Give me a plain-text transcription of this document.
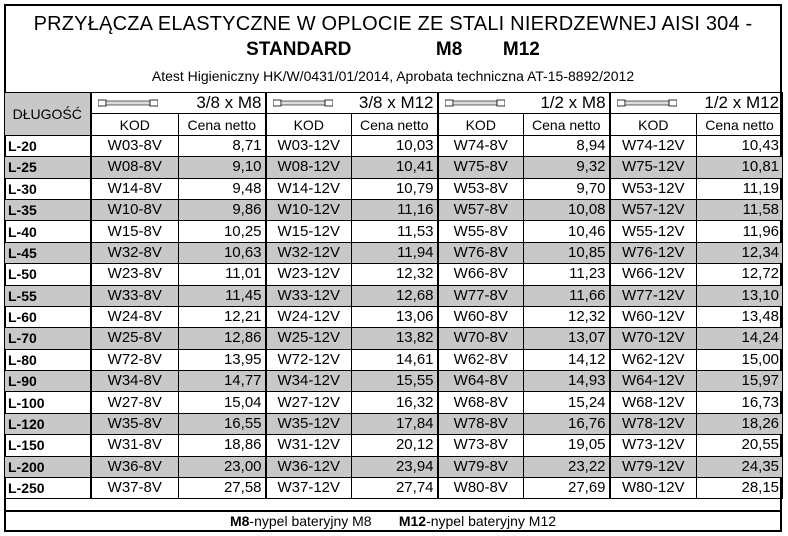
PRZYŁĄCZA ELASTYCZNE W OPLOCIE ZE STALI NIERDZEWNEJ AISI 304 -
STANDARD	M8 M12
Atest Higieniczny HK/W/0431/01/2014, Aprobata techniczna AT-15-8892/2012
DŁUGOŚĆ	3/8 x M8		3/8 x M12		1/2 x M8		1/2 x M12	
	KOD	Cena netto	KOD	Cena netto	KOD	Cena netto	KOD	Cena netto
L-20	W03-8V	8,71	W03-12V	10,03	W74-8V	8,94	W74-12V	10,43
L-25	W08-8V	9,10	W08-12V	10,41	W75-8V	9,32	W75-12V	10,81
L-30	W14-8V	9,48	W14-12V	10,79	W53-8V	9,70	W53-12V	11,19
L-35	W10-8V	9,86	W10-12V	11,16	W57-8V	10,08	W57-12V	11,58
L-40	W15-8V	10,25	W15-12V	11,53	W55-8V	10,46	W55-12V	11,96
L-45	W32-8V	10,63	W32-12V	11,94	W76-8V	10,85	W76-12V	12,34
L-50	W23-8V	11,01	W23-12V	12,32	W66-8V	11,23	W66-12V	12,72
L-55	W33-8V	11,45	W33-12V	12,68	W77-8V	11,66	W77-12V	13,10
L-60	W24-8V	12,21	W24-12V	13,06	W60-8V	12,32	W60-12V	13,48
L-70	W25-8V	12,86	W25-12V	13,82	W70-8V	13,07	W70-12V	14,24
L-80	W72-8V	13,95	W72-12V	14,61	W62-8V	14,12	W62-12V	15,00
L-90	W34-8V	14,77	W34-12V	15,55	W64-8V	14,93	W64-12V	15,97
L-100	W27-8V	15,04	W27-12V	16,32	W68-8V	15,24	W68-12V	16,73
L-120	W35-8V	16,55	W35-12V	17,84	W78-8V	16,76	W78-12V	18,26
L-150	W31-8V	18,86	W31-12V	20,12	W73-8V	19,05	W73-12V	20,55
L-200	W36-8V	23,00	W36-12V	23,94	W79-8V	23,22	W79-12V	24,35
L-250	W37-8V	27,58	W37-12V	27,74	W80-8V	27,69	W80-12V	28,15
M8-nypel bateryjny M8 M12-nypel bateryjny M12
